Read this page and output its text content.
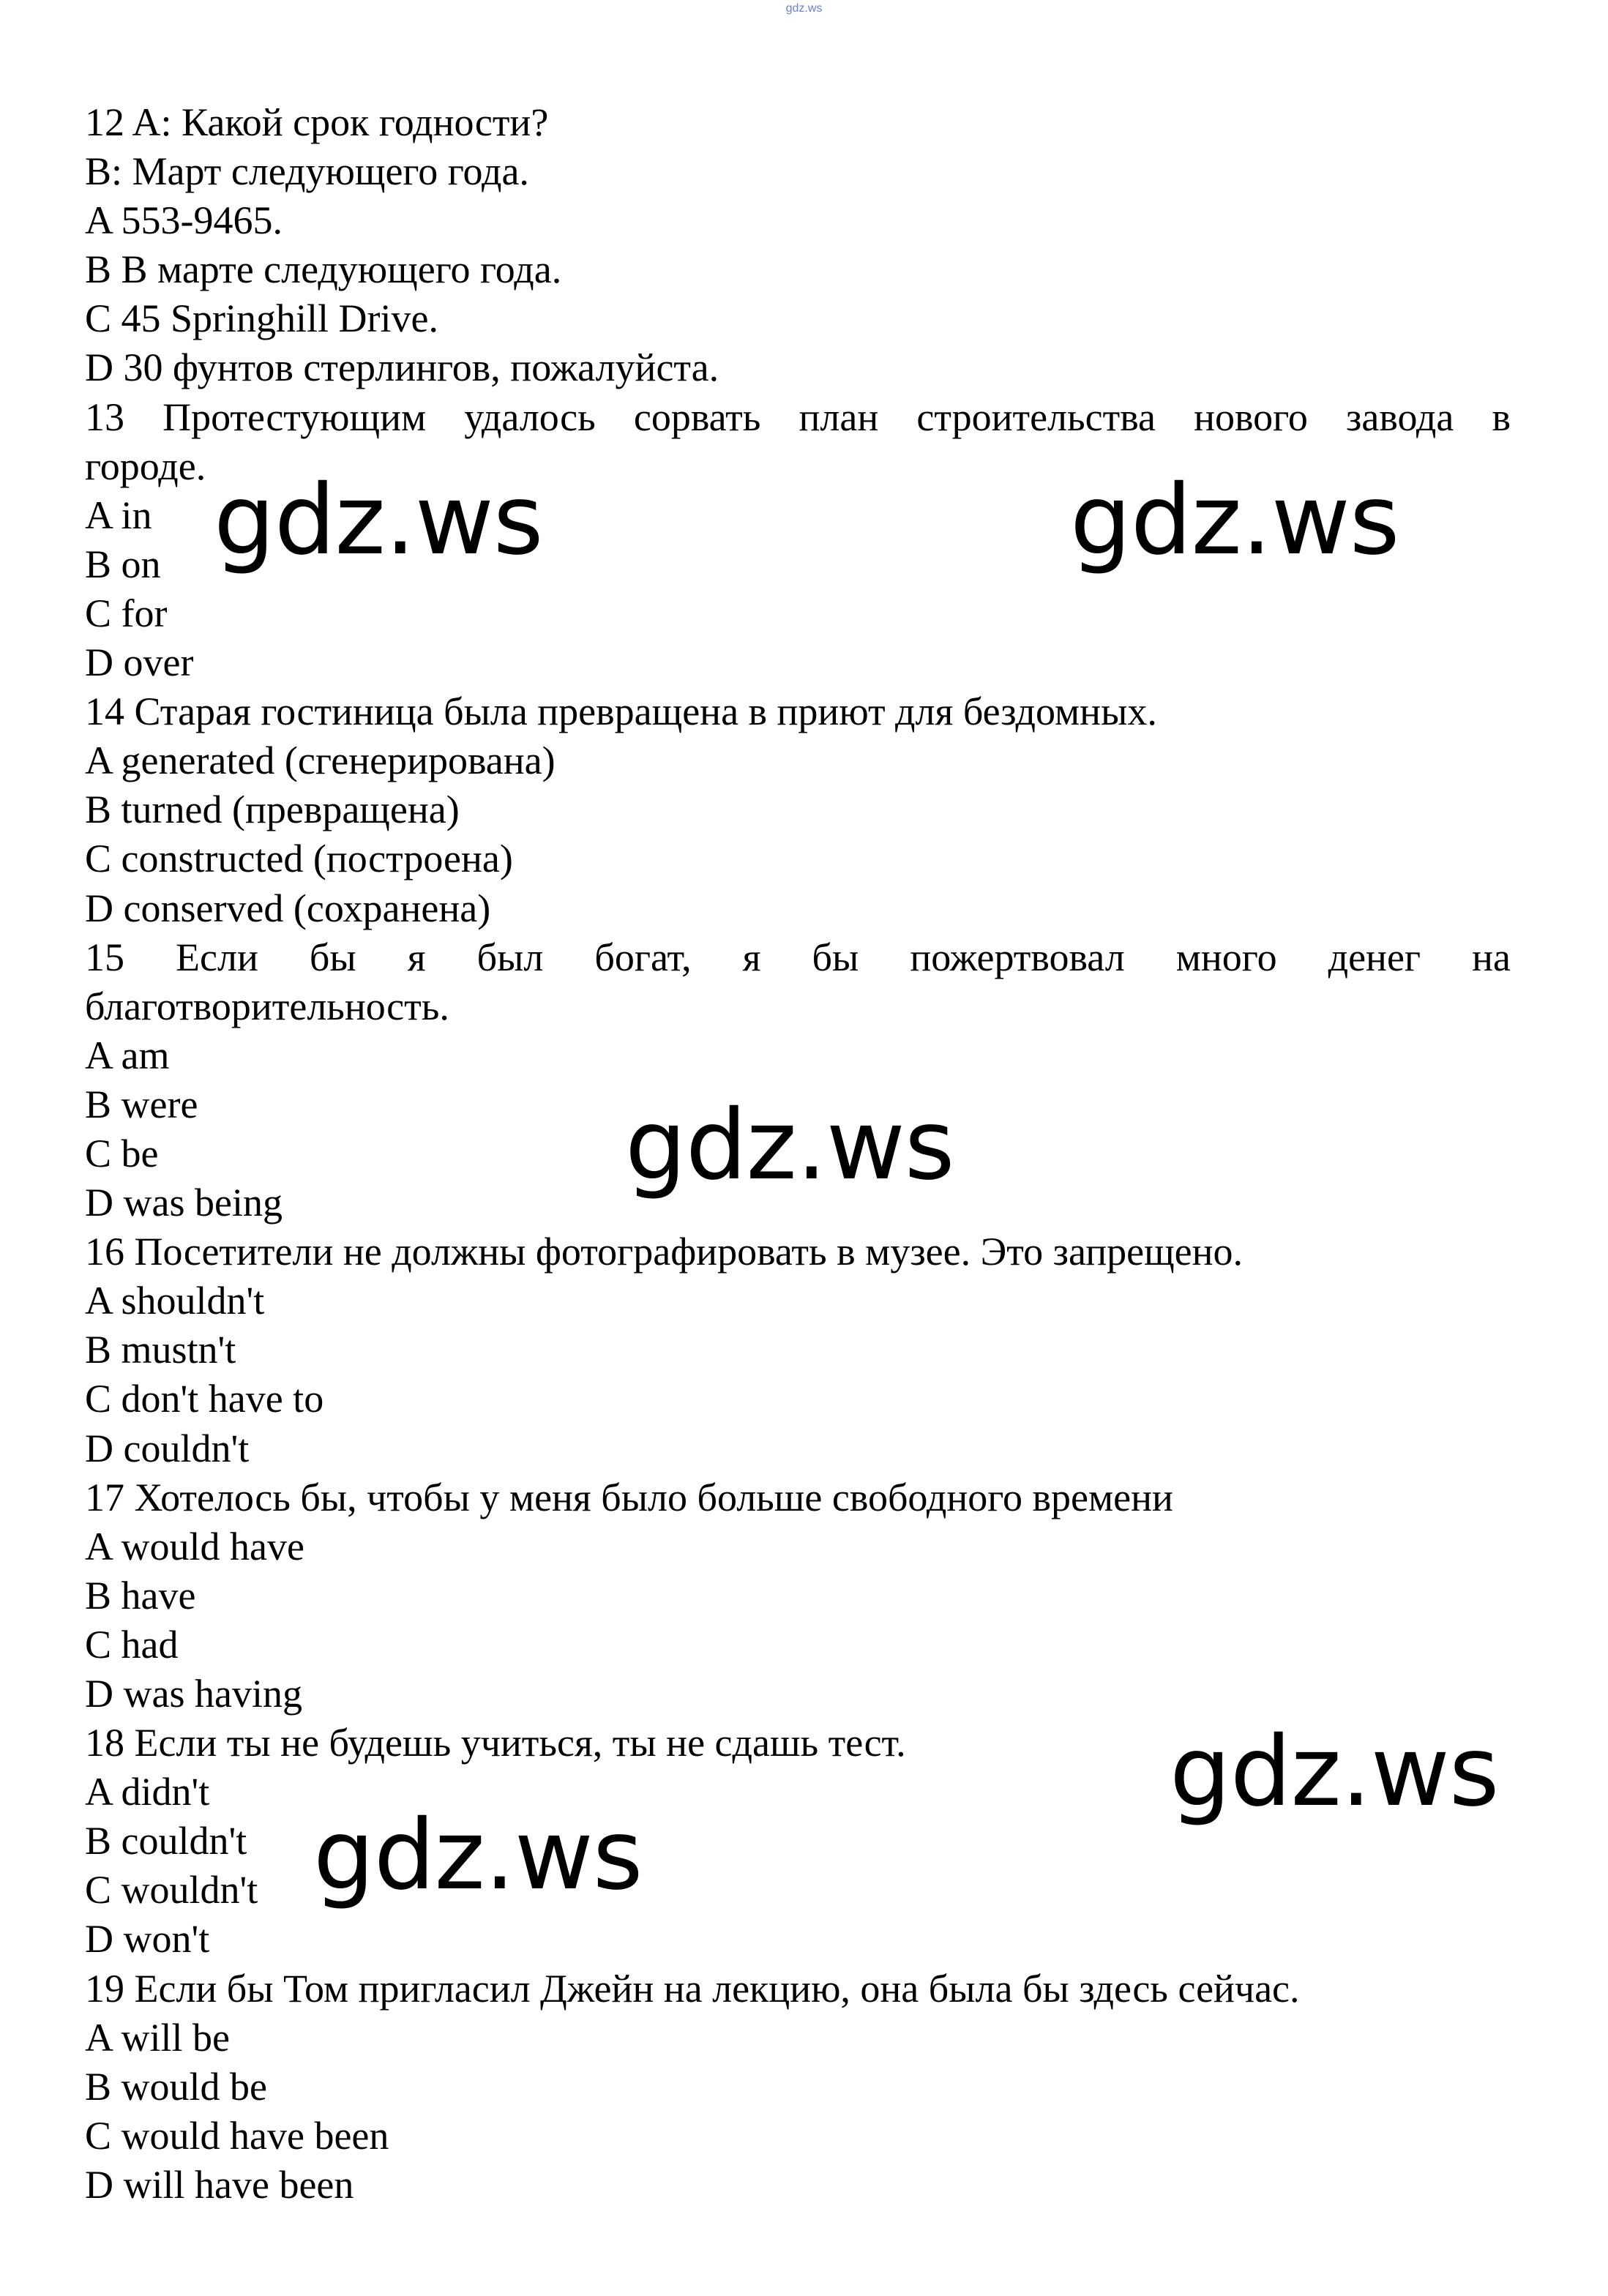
gdz.ws
12 A: Какой срок годности?
B: Март следующего года.
A 553-9465.
B В марте следующего года.
C 45 Springhill Drive.
D 30 фунтов стерлингов, пожалуйста.
13 Протестующим удалось сорвать план строительства нового завода в
городе.
A in
B on
C for
D over
14 Старая гостиница была превращена в приют для бездомных.
A generated (сгенерирована)
B turned (превращена)
C constructed (построена)
D conserved (сохранена)
15 Если бы я был богат, я бы пожертвовал много денег на
благотворительность.
A am
B were
C be
D was being
16 Посетители не должны фотографировать в музее. Это запрещено.
A shouldn't
B mustn't
C don't have to
D couldn't
17 Хотелось бы, чтобы у меня было больше свободного времени
A would have
B have
C had
D was having
18 Если ты не будешь учиться, ты не сдашь тест.
A didn't
B couldn't
C wouldn't
D won't
19 Если бы Том пригласил Джейн на лекцию, она была бы здесь сейчас.
A will be
B would be
C would have been
D will have been
gdz.ws	gdz.ws
gdz.ws
gdz.ws
gdz.ws
